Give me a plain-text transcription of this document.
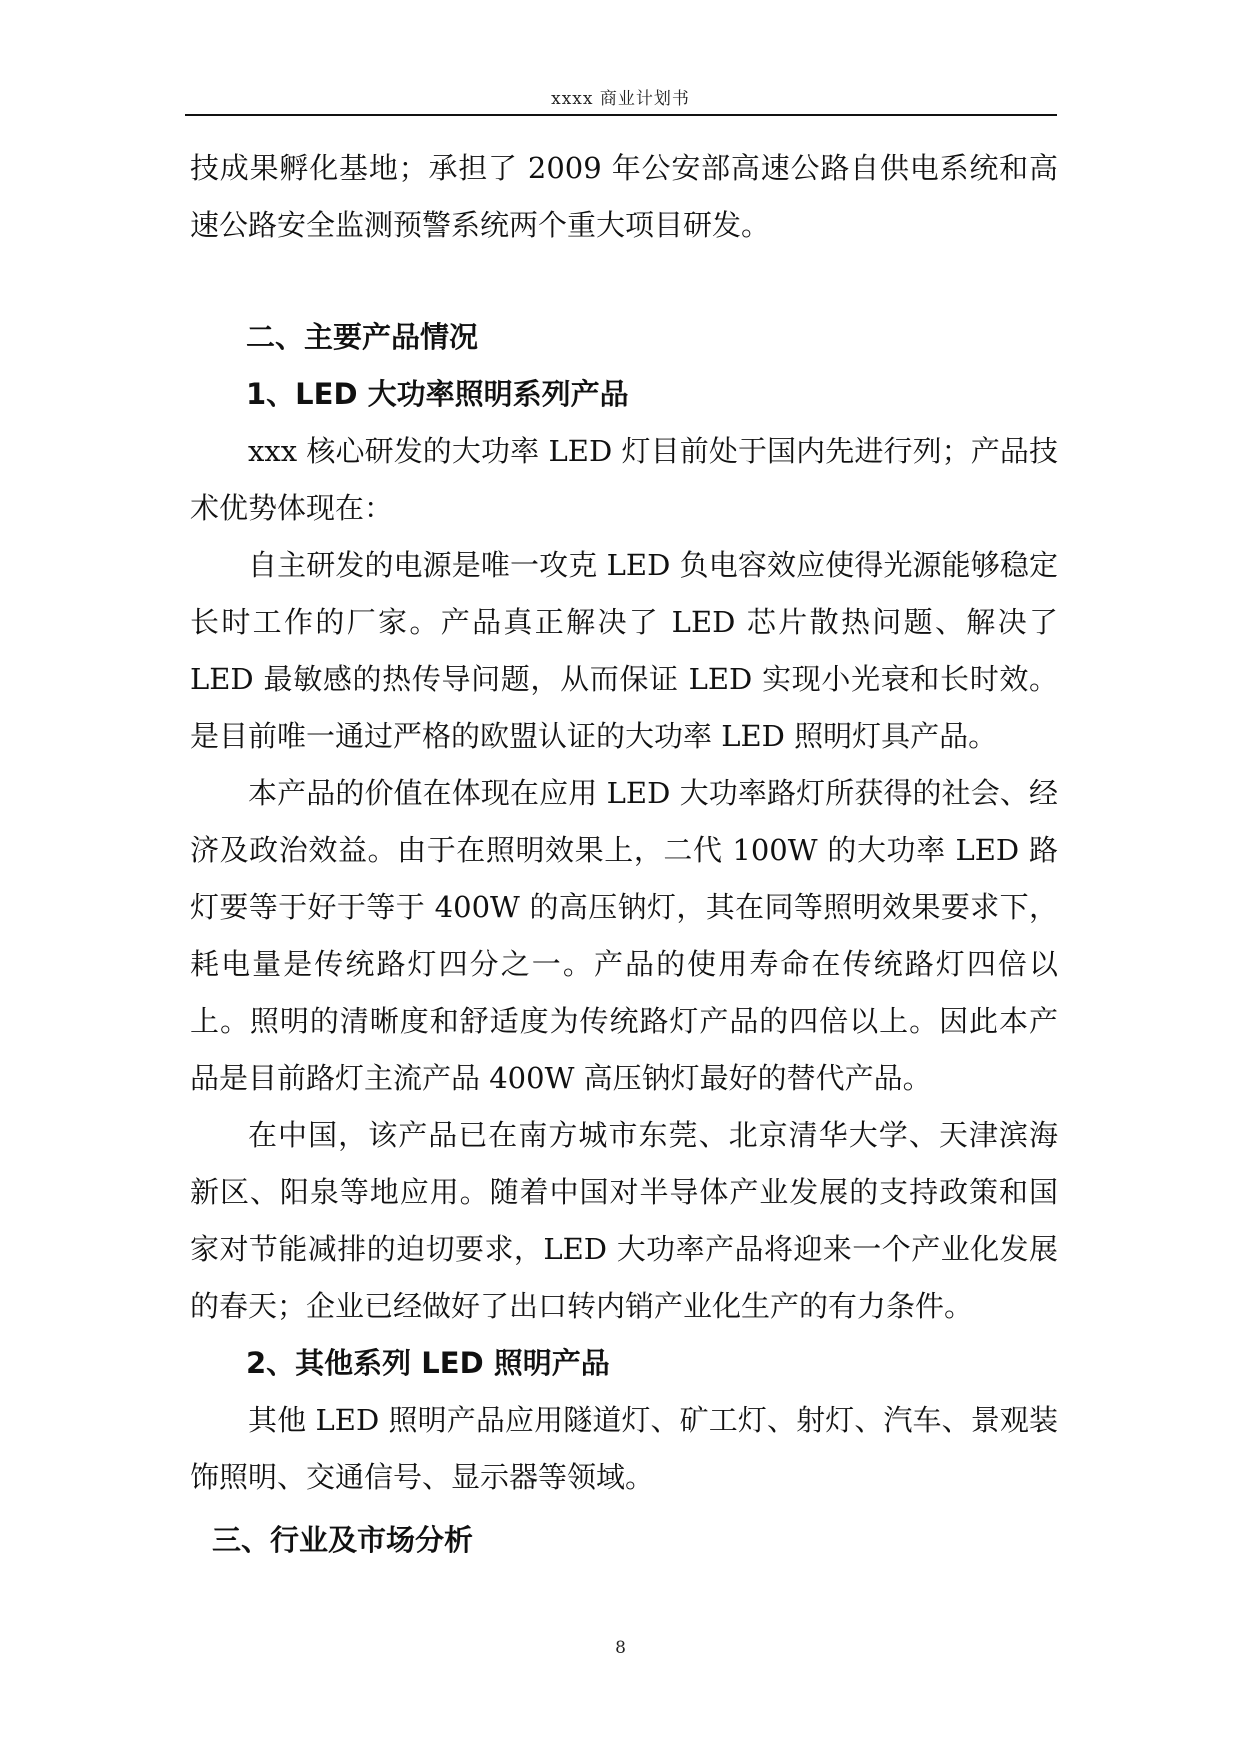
xxxx 商业计划书

技成果孵化基地；承担了 2009 年公安部高速公路自供电系统和高速公路安全监测预警系统两个重大项目研发。

二、主要产品情况

1、LED 大功率照明系列产品

xxx 核心研发的大功率 LED 灯目前处于国内先进行列；产品技术优势体现在：

自主研发的电源是唯一攻克 LED 负电容效应使得光源能够稳定长时工作的厂家。产品真正解决了 LED 芯片散热问题、解决了 LED 最敏感的热传导问题，从而保证 LED 实现小光衰和长时效。是目前唯一通过严格的欧盟认证的大功率 LED 照明灯具产品。

本产品的价值在体现在应用 LED 大功率路灯所获得的社会、经济及政治效益。由于在照明效果上，二代 100W 的大功率 LED 路灯要等于好于等于 400W 的高压钠灯，其在同等照明效果要求下，耗电量是传统路灯四分之一。产品的使用寿命在传统路灯四倍以上。照明的清晰度和舒适度为传统路灯产品的四倍以上。因此本产品是目前路灯主流产品 400W 高压钠灯最好的替代产品。

在中国，该产品已在南方城市东莞、北京清华大学、天津滨海新区、阳泉等地应用。随着中国对半导体产业发展的支持政策和国家对节能减排的迫切要求，LED 大功率产品将迎来一个产业化发展的春天；企业已经做好了出口转内销产业化生产的有力条件。

2、其他系列 LED 照明产品

其他 LED 照明产品应用隧道灯、矿工灯、射灯、汽车、景观装饰照明、交通信号、显示器等领域。

三、行业及市场分析

8
